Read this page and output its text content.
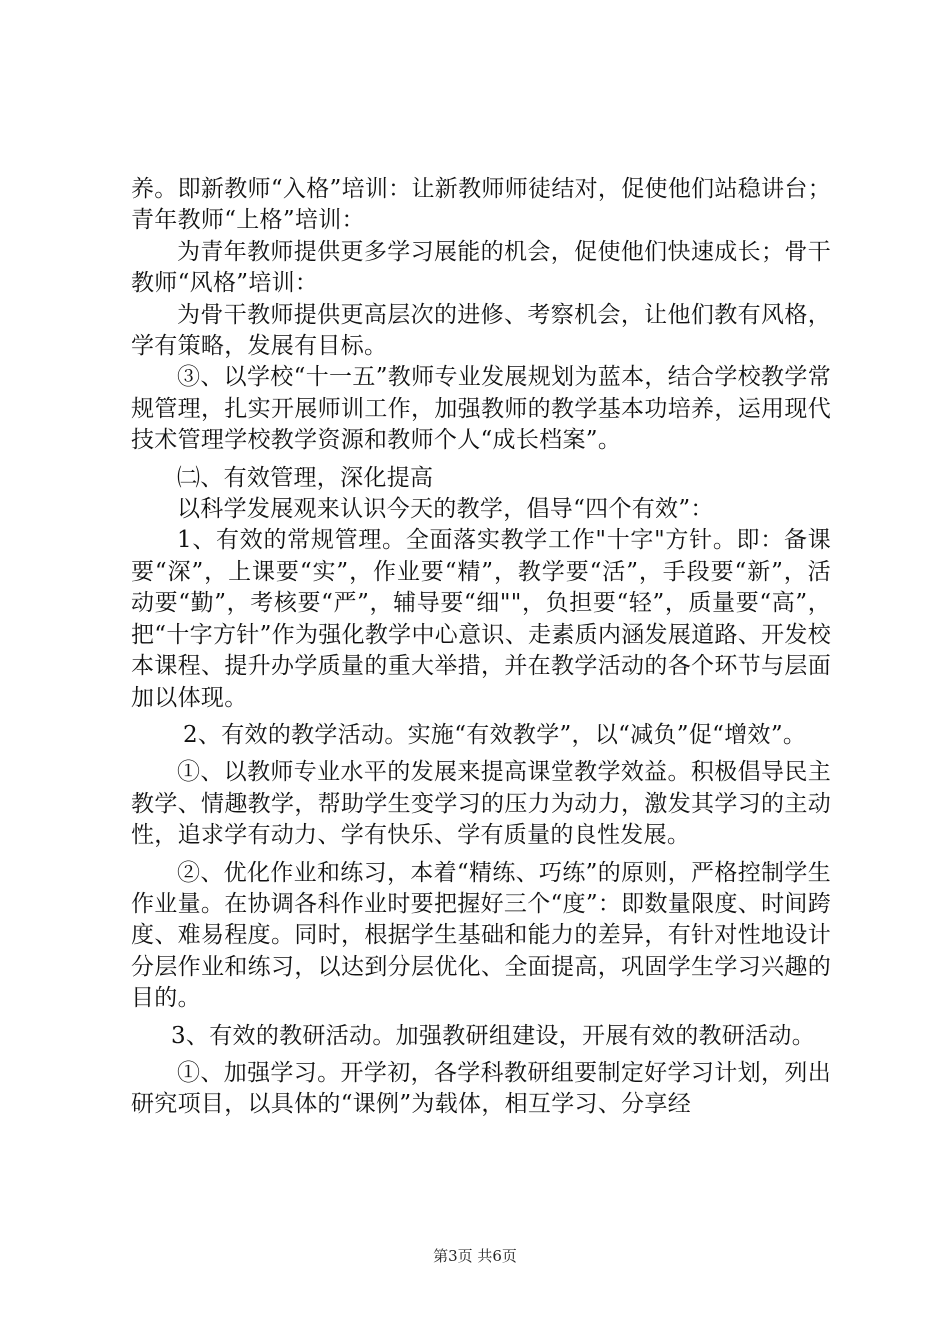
养。即新教师“入格”培训：让新教师师徒结对，促使他们站稳讲台；青年教师“上格”培训：

为青年教师提供更多学习展能的机会，促使他们快速成长；骨干教师“风格”培训：

为骨干教师提供更高层次的进修、考察机会，让他们教有风格，学有策略，发展有目标。

③、以学校“十一五”教师专业发展规划为蓝本，结合学校教学常规管理，扎实开展师训工作，加强教师的教学基本功培养，运用现代技术管理学校教学资源和教师个人“成长档案”。

㈡、有效管理，深化提高

以科学发展观来认识今天的教学，倡导“四个有效”：

1、有效的常规管理。全面落实教学工作"十字"方针。即：备课要“深”，上课要“实”，作业要“精”，教学要“活”，手段要“新”，活动要“勤”，考核要“严”，辅导要“细""，负担要“轻”，质量要“高”，把“十字方针”作为强化教学中心意识、走素质内涵发展道路、开发校本课程、提升办学质量的重大举措，并在教学活动的各个环节与层面加以体现。

2、有效的教学活动。实施“有效教学”，以“减负”促“增效”。

①、以教师专业水平的发展来提高课堂教学效益。积极倡导民主教学、情趣教学，帮助学生变学习的压力为动力，激发其学习的主动性，追求学有动力、学有快乐、学有质量的良性发展。

②、优化作业和练习，本着“精练、巧练”的原则，严格控制学生作业量。在协调各科作业时要把握好三个“度”：即数量限度、时间跨度、难易程度。同时，根据学生基础和能力的差异，有针对性地设计分层作业和练习，以达到分层优化、全面提高，巩固学生学习兴趣的目的。

3、有效的教研活动。加强教研组建设，开展有效的教研活动。

①、加强学习。开学初，各学科教研组要制定好学习计划，列出研究项目，以具体的“课例”为载体，相互学习、分享经

第3页 共6页
